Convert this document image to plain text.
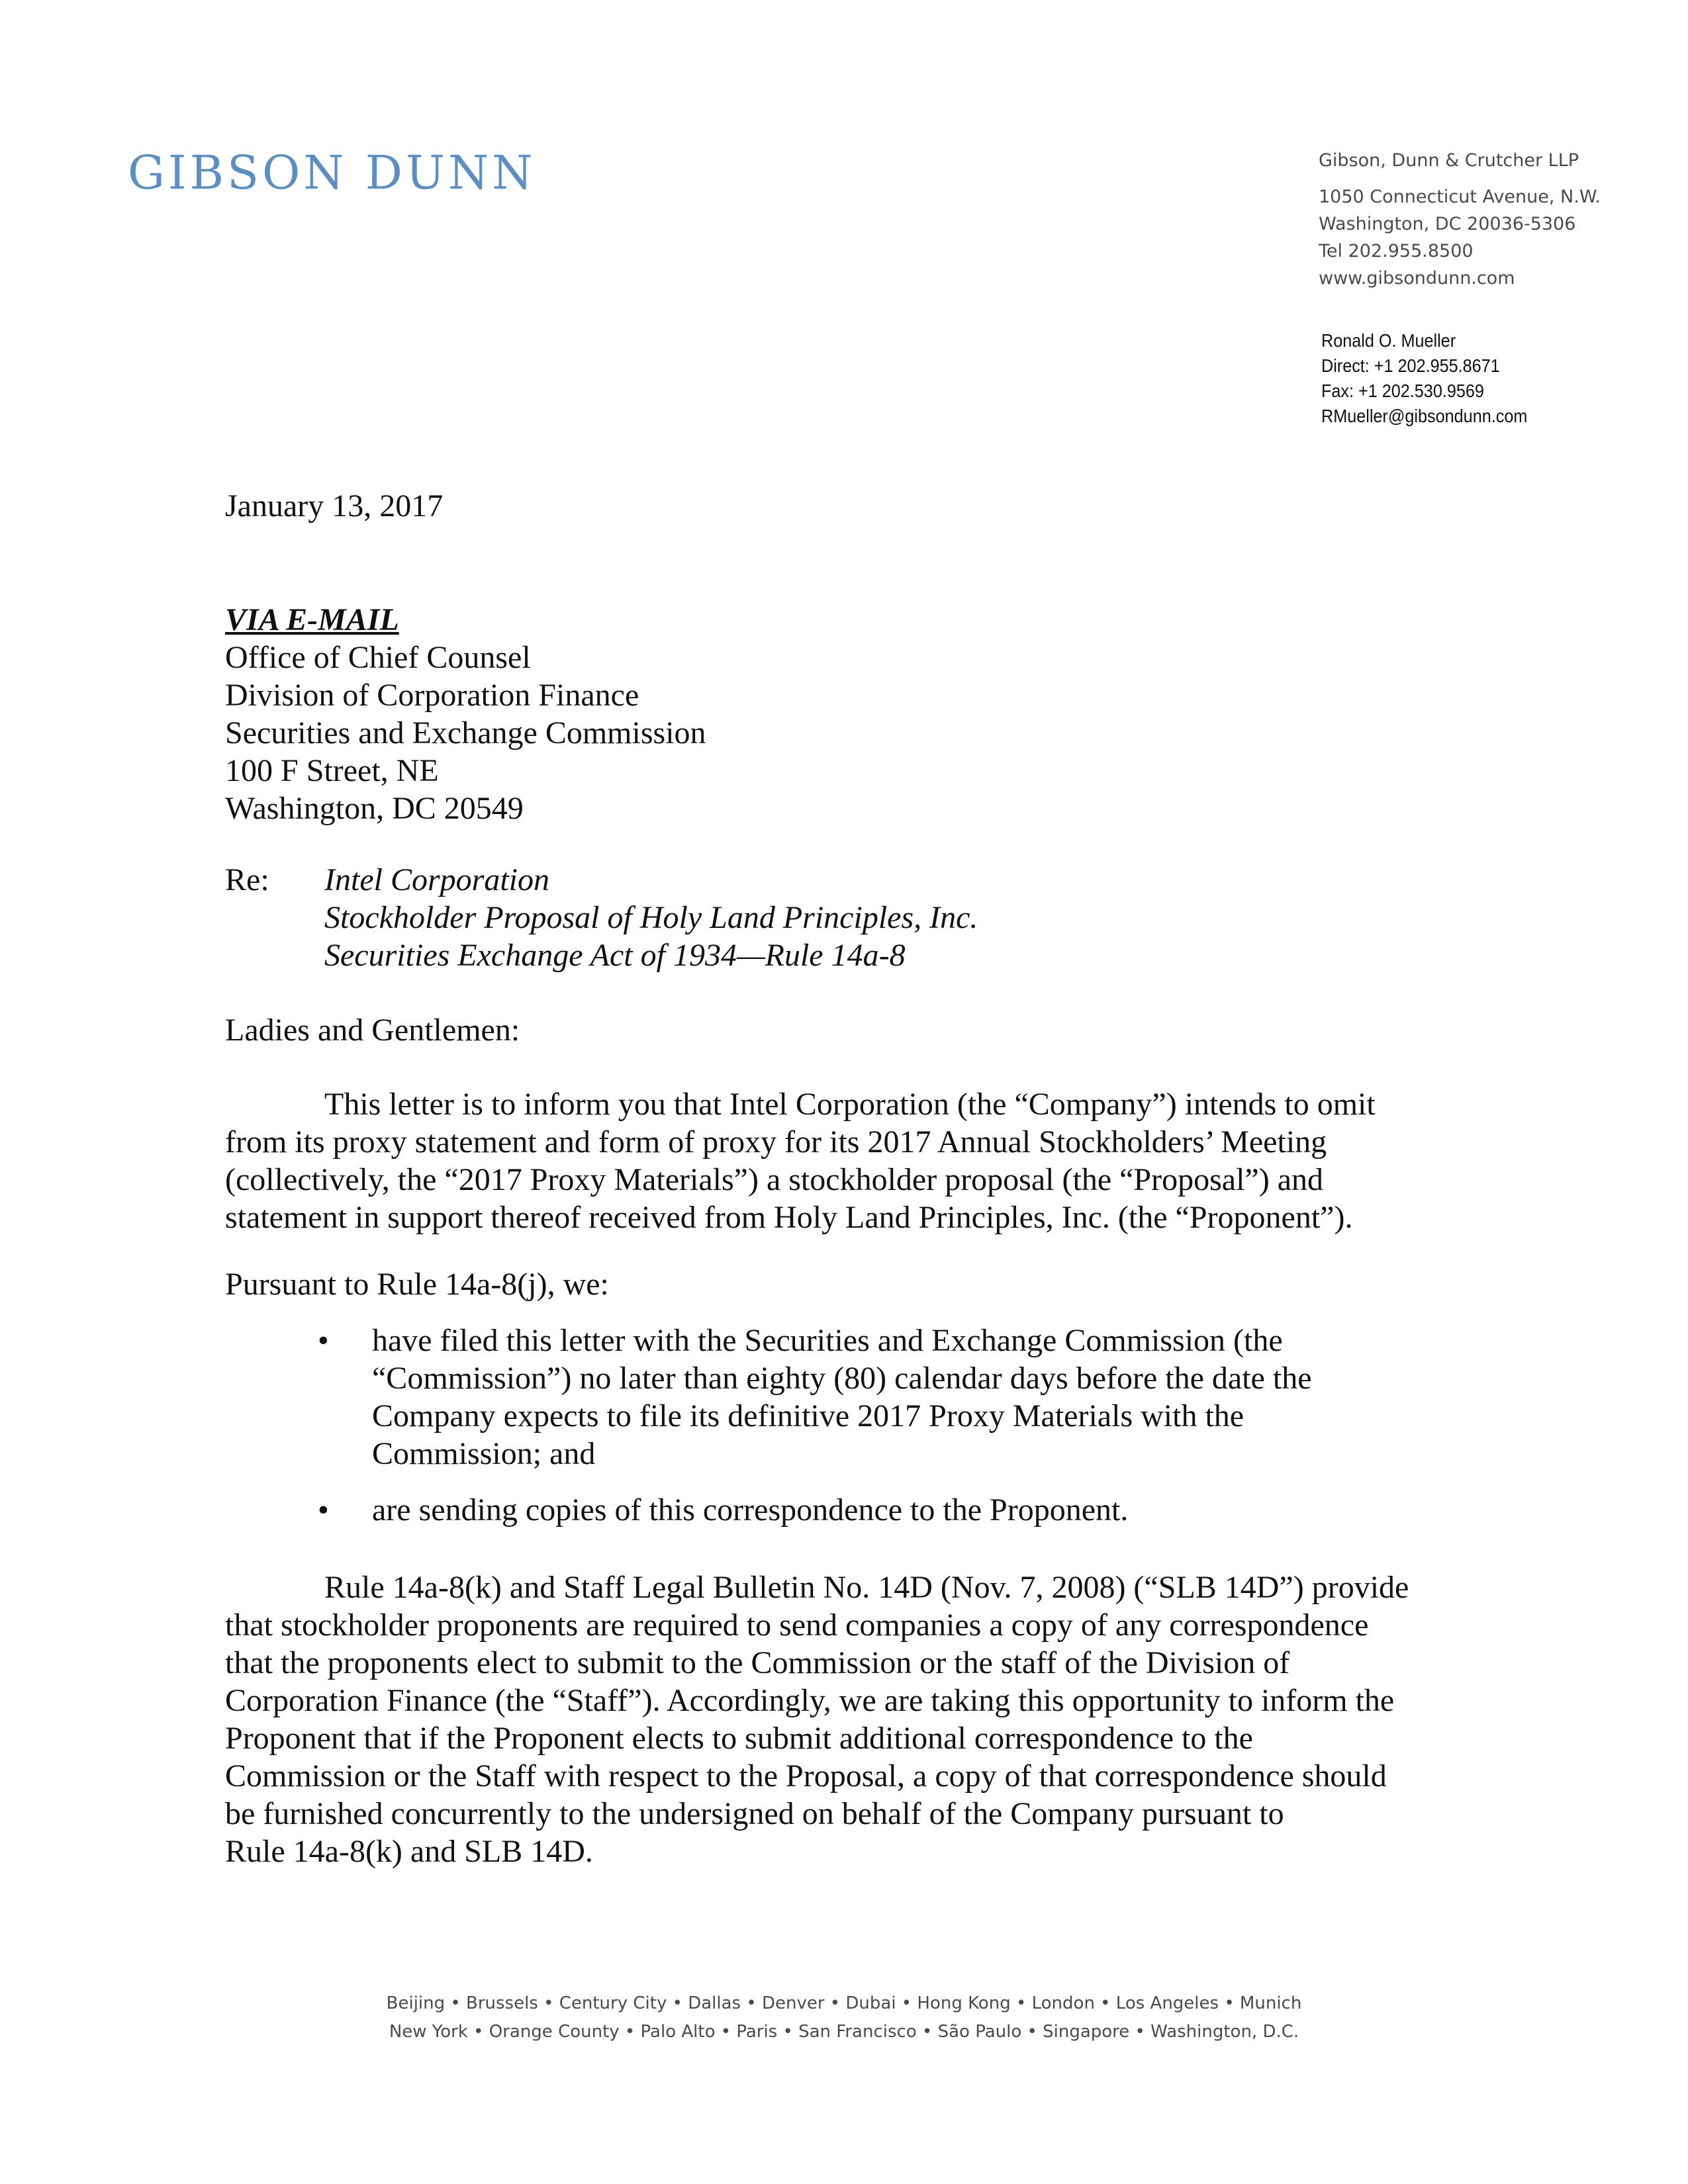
GIBSON DUNN	Gibson, Dunn & Crutcher LLP
1050 Connecticut Avenue, N.W.
Washington, DC 20036-5306
Tel 202.955.8500
www.gibsondunn.com
Ronald O. Mueller
Direct: +1 202.955.8671
Fax: +1 202.530.9569
RMueller@gibsondunn.com
January 13, 2017
VIA E-MAIL
Office of Chief Counsel
Division of Corporation Finance
Securities and Exchange Commission
100 F Street, NE
Washington, DC 20549
Re: Intel Corporation
Stockholder Proposal of Holy Land Principles, Inc.
Securities Exchange Act of 1934—Rule 14a-8
Ladies and Gentlemen:
This letter is to inform you that Intel Corporation (the “Company”) intends to omit
from its proxy statement and form of proxy for its 2017 Annual Stockholders’ Meeting
(collectively, the “2017 Proxy Materials”) a stockholder proposal (the “Proposal”) and
statement in support thereof received from Holy Land Principles, Inc. (the “Proponent”).
Pursuant to Rule 14a-8(j), we:
• have filed this letter with the Securities and Exchange Commission (the
“Commission”) no later than eighty (80) calendar days before the date the
Company expects to file its definitive 2017 Proxy Materials with the
Commission; and
• are sending copies of this correspondence to the Proponent.
Rule 14a-8(k) and Staff Legal Bulletin No. 14D (Nov. 7, 2008) (“SLB 14D”) provide
that stockholder proponents are required to send companies a copy of any correspondence
that the proponents elect to submit to the Commission or the staff of the Division of
Corporation Finance (the “Staff”). Accordingly, we are taking this opportunity to inform the
Proponent that if the Proponent elects to submit additional correspondence to the
Commission or the Staff with respect to the Proposal, a copy of that correspondence should
be furnished concurrently to the undersigned on behalf of the Company pursuant to
Rule 14a-8(k) and SLB 14D.
Beijing • Brussels • Century City • Dallas • Denver • Dubai • Hong Kong • London • Los Angeles • Munich
New York • Orange County • Palo Alto • Paris • San Francisco • São Paulo • Singapore • Washington, D.C.
